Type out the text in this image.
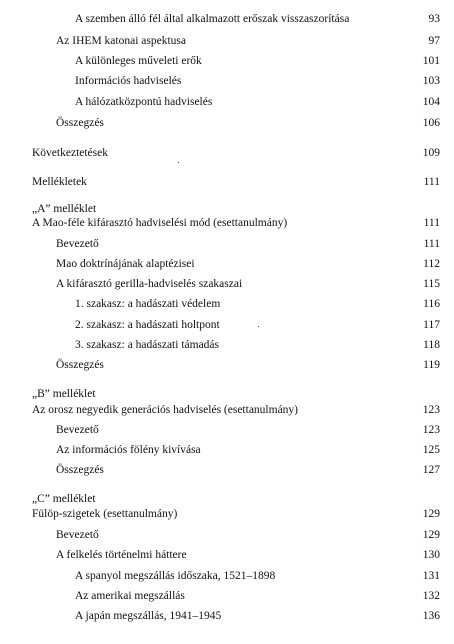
A szemben álló fél által alkalmazott erőszak visszaszorítása	93
Az IHEM katonai aspektusa	97
A különleges műveleti erők	101
Információs hadviselés	103
A hálózatközpontú hadviselés	104
Összegzés	106
Következtetések	109
Mellékletek	111
„A” melléklet
A Mao-féle kifárasztó hadviselési mód (esettanulmány)	111
Bevezető	111
Mao doktrínájának alaptézisei	112
A kifárasztó gerilla-hadviselés szakaszai	115
1. szakasz: a hadászati védelem	116
2. szakasz: a hadászati holtpont	117
3. szakasz: a hadászati támadás	118
Összegzés	119
„B” melléklet
Az orosz negyedik generációs hadviselés (esettanulmány)	123
Bevezető	123
Az információs fölény kivívása	125
Összegzés	127
„C” melléklet
Fülöp-szigetek (esettanulmány)	129
Bevezető	129
A felkelés történelmi háttere	130
A spanyol megszállás időszaka, 1521–1898	131
Az amerikai megszállás	132
A japán megszállás, 1941–1945	136
